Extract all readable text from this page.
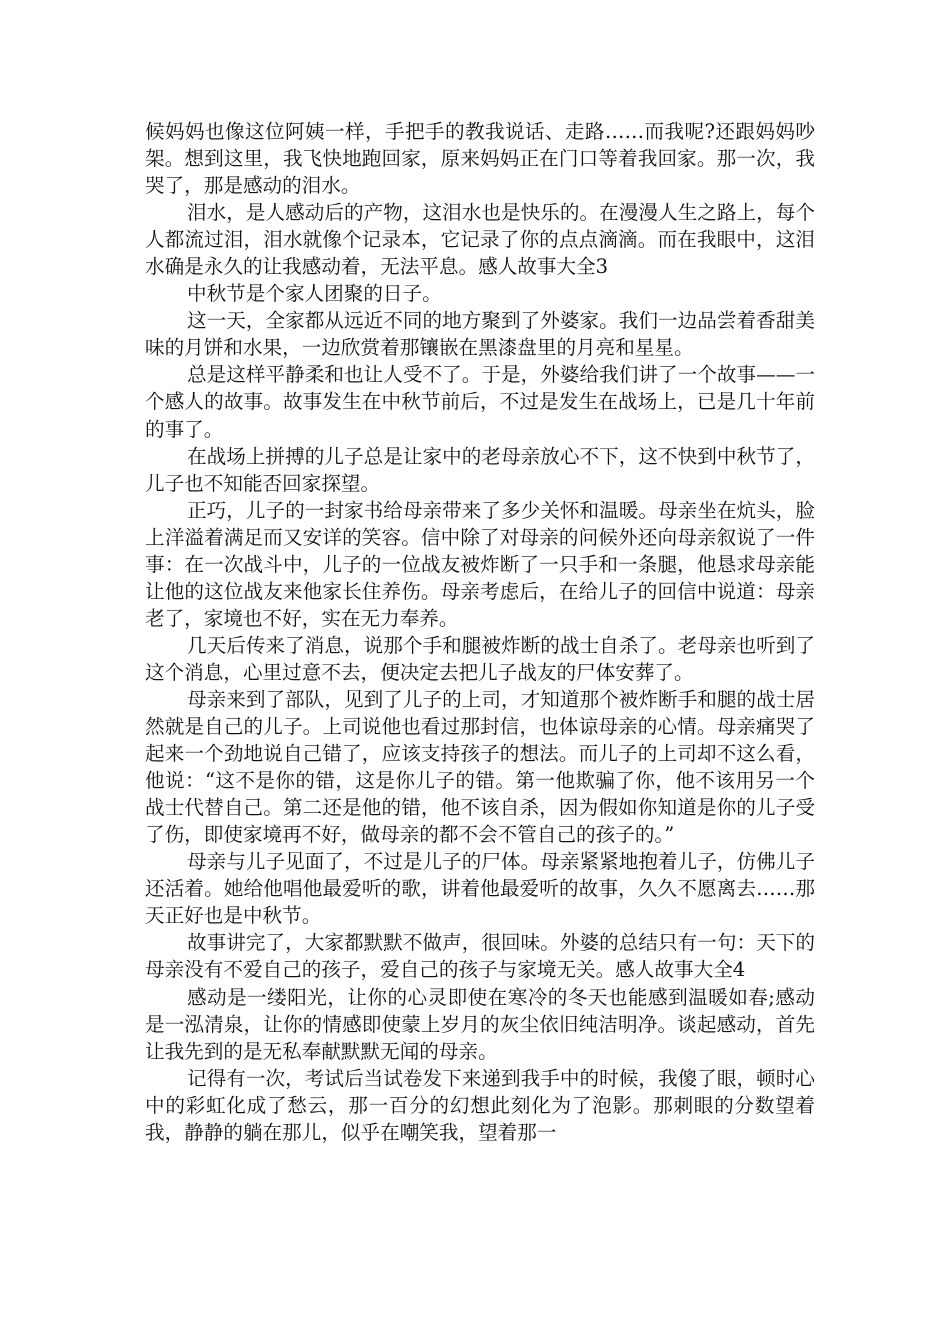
候妈妈也像这位阿姨一样，手把手的教我说话、走路……而我呢?还跟妈妈吵架。想到这里，我飞快地跑回家，原来妈妈正在门口等着我回家。那一次，我哭了，那是感动的泪水。

泪水，是人感动后的产物，这泪水也是快乐的。在漫漫人生之路上，每个人都流过泪，泪水就像个记录本，它记录了你的点点滴滴。而在我眼中，这泪水确是永久的让我感动着，无法平息。感人故事大全3

中秋节是个家人团聚的日子。

这一天，全家都从远近不同的地方聚到了外婆家。我们一边品尝着香甜美味的月饼和水果，一边欣赏着那镶嵌在黑漆盘里的月亮和星星。

总是这样平静柔和也让人受不了。于是，外婆给我们讲了一个故事——一个感人的故事。故事发生在中秋节前后，不过是发生在战场上，已是几十年前的事了。

在战场上拼搏的儿子总是让家中的老母亲放心不下，这不快到中秋节了，儿子也不知能否回家探望。

正巧，儿子的一封家书给母亲带来了多少关怀和温暖。母亲坐在炕头，脸上洋溢着满足而又安详的笑容。信中除了对母亲的问候外还向母亲叙说了一件事：在一次战斗中，儿子的一位战友被炸断了一只手和一条腿，他恳求母亲能让他的这位战友来他家长住养伤。母亲考虑后，在给儿子的回信中说道：母亲老了，家境也不好，实在无力奉养。

几天后传来了消息，说那个手和腿被炸断的战士自杀了。老母亲也听到了这个消息，心里过意不去，便决定去把儿子战友的尸体安葬了。

母亲来到了部队，见到了儿子的上司，才知道那个被炸断手和腿的战士居然就是自己的儿子。上司说他也看过那封信，也体谅母亲的心情。母亲痛哭了起来一个劲地说自己错了，应该支持孩子的想法。而儿子的上司却不这么看，他说：“这不是你的错，这是你儿子的错。第一他欺骗了你，他不该用另一个战士代替自己。第二还是他的错，他不该自杀，因为假如你知道是你的儿子受了伤，即使家境再不好，做母亲的都不会不管自己的孩子的。”

母亲与儿子见面了，不过是儿子的尸体。母亲紧紧地抱着儿子，仿佛儿子还活着。她给他唱他最爱听的歌，讲着他最爱听的故事，久久不愿离去……那天正好也是中秋节。

故事讲完了，大家都默默不做声，很回味。外婆的总结只有一句：天下的母亲没有不爱自己的孩子，爱自己的孩子与家境无关。感人故事大全4

感动是一缕阳光，让你的心灵即使在寒冷的冬天也能感到温暖如春;感动是一泓清泉，让你的情感即使蒙上岁月的灰尘依旧纯洁明净。谈起感动，首先让我先到的是无私奉献默默无闻的母亲。

记得有一次，考试后当试卷发下来递到我手中的时候，我傻了眼，顿时心中的彩虹化成了愁云，那一百分的幻想此刻化为了泡影。那刺眼的分数望着我，静静的躺在那儿，似乎在嘲笑我，望着那一
